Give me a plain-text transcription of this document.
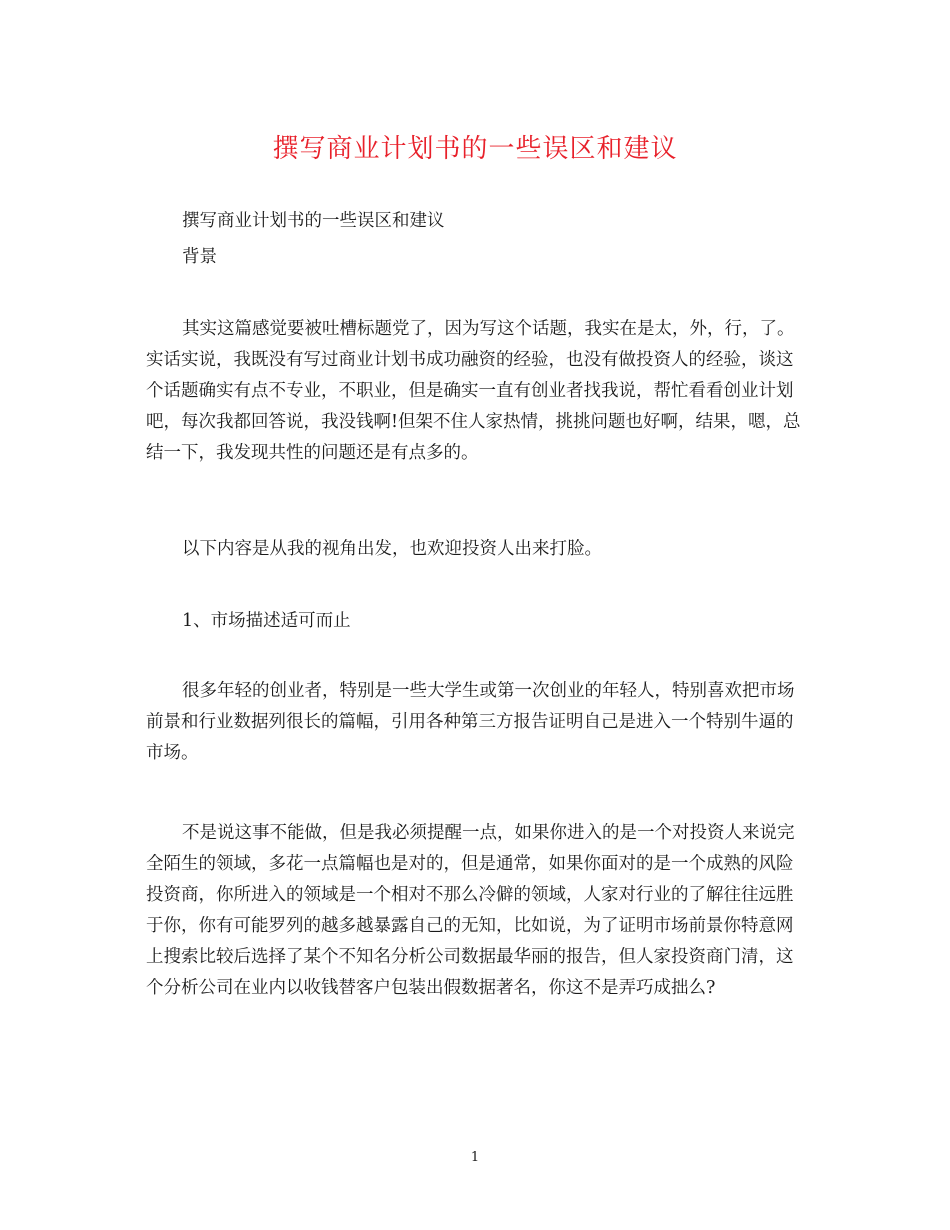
撰写商业计划书的一些误区和建议

撰写商业计划书的一些误区和建议

背景

其实这篇感觉要被吐槽标题党了，因为写这个话题，我实在是太，外，行，了。 实话实说，我既没有写过商业计划书成功融资的经验，也没有做投资人的经验，谈这个话题确实有点不专业，不职业，但是确实一直有创业者找我说，帮忙看看创业计划吧，每次我都回答说，我没钱啊!但架不住人家热情，挑挑问题也好啊，结果，嗯，总结一下，我发现共性的问题还是有点多的。

以下内容是从我的视角出发，也欢迎投资人出来打脸。

1、市场描述适可而止

很多年轻的创业者，特别是一些大学生或第一次创业的年轻人，特别喜欢把市场前景和行业数据列很长的篇幅，引用各种第三方报告证明自己是进入一个特别牛逼的市场。

不是说这事不能做，但是我必须提醒一点，如果你进入的是一个对投资人来说完全陌生的领域，多花一点篇幅也是对的，但是通常，如果你面对的是一个成熟的风险投资商，你所进入的领域是一个相对不那么冷僻的领域，人家对行业的了解往往远胜于你，你有可能罗列的越多越暴露自己的无知，比如说，为了证明市场前景你特意网上搜索比较后选择了某个不知名分析公司数据最华丽的报告，但人家投资商门清，这个分析公司在业内以收钱替客户包装出假数据著名，你这不是弄巧成拙么?

1
